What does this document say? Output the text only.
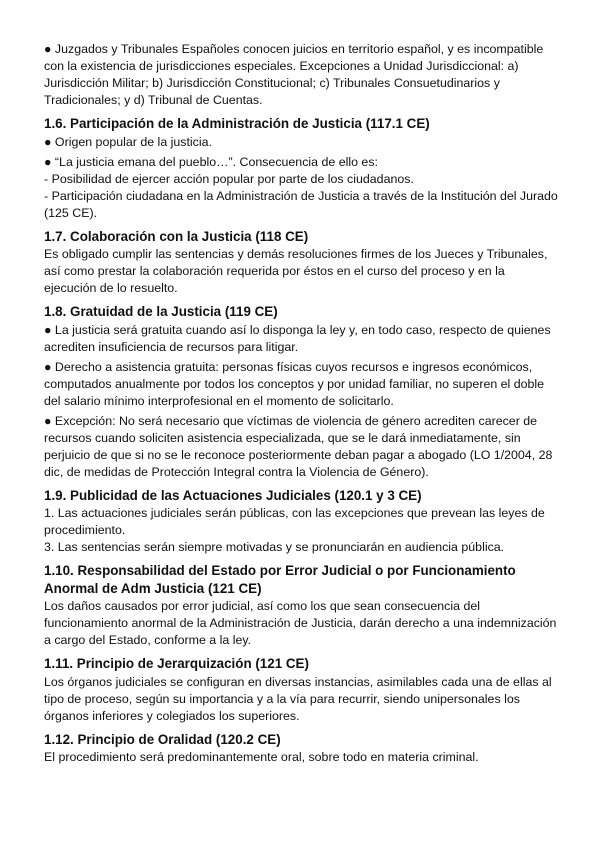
● Juzgados y Tribunales Españoles conocen juicios en territorio español, y es incompatible con la existencia de jurisdicciones especiales. Excepciones a Unidad Jurisdiccional: a) Jurisdicción Militar; b) Jurisdicción Constitucional; c) Tribunales Consuetudinarios y Tradicionales; y d) Tribunal de Cuentas.

1.6. Participación de la Administración de Justicia (117.1 CE)

● Origen popular de la justicia.

● “La justicia emana del pueblo…”. Consecuencia de ello es:

- Posibilidad de ejercer acción popular por parte de los ciudadanos.

- Participación ciudadana en la Administración de Justicia a través de la Institución del Jurado (125 CE).

1.7. Colaboración con la Justicia (118 CE)

Es obligado cumplir las sentencias y demás resoluciones firmes de los Jueces y Tribunales, así como prestar la colaboración requerida por éstos en el curso del proceso y en la ejecución de lo resuelto.

1.8. Gratuidad de la Justicia (119 CE)

● La justicia será gratuita cuando así lo disponga la ley y, en todo caso, respecto de quienes acrediten insuficiencia de recursos para litigar.

● Derecho a asistencia gratuita: personas físicas cuyos recursos e ingresos económicos, computados anualmente por todos los conceptos y por unidad familiar, no superen el doble del salario mínimo interprofesional en el momento de solicitarlo.

● Excepción: No será necesario que víctimas de violencia de género acrediten carecer de recursos cuando soliciten asistencia especializada, que se le dará inmediatamente, sin perjuicio de que si no se le reconoce posteriormente deban pagar a abogado (LO 1/2004, 28 dic, de medidas de Protección Integral contra la Violencia de Género).

1.9. Publicidad de las Actuaciones Judiciales (120.1 y 3 CE)

1. Las actuaciones judiciales serán públicas, con las excepciones que prevean las leyes de procedimiento.

3. Las sentencias serán siempre motivadas y se pronunciarán en audiencia pública.

1.10. Responsabilidad del Estado por Error Judicial o por Funcionamiento Anormal de Adm Justicia (121 CE)

Los daños causados por error judicial, así como los que sean consecuencia del funcionamiento anormal de la Administración de Justicia, darán derecho a una indemnización a cargo del Estado, conforme a la ley.

1.11. Principio de Jerarquización (121 CE)

Los órganos judiciales se configuran en diversas instancias, asimilables cada una de ellas al tipo de proceso, según su importancia y a la vía para recurrir, siendo unipersonales los órganos inferiores y colegiados los superiores.

1.12. Principio de Oralidad (120.2 CE)

El procedimiento será predominantemente oral, sobre todo en materia criminal.
